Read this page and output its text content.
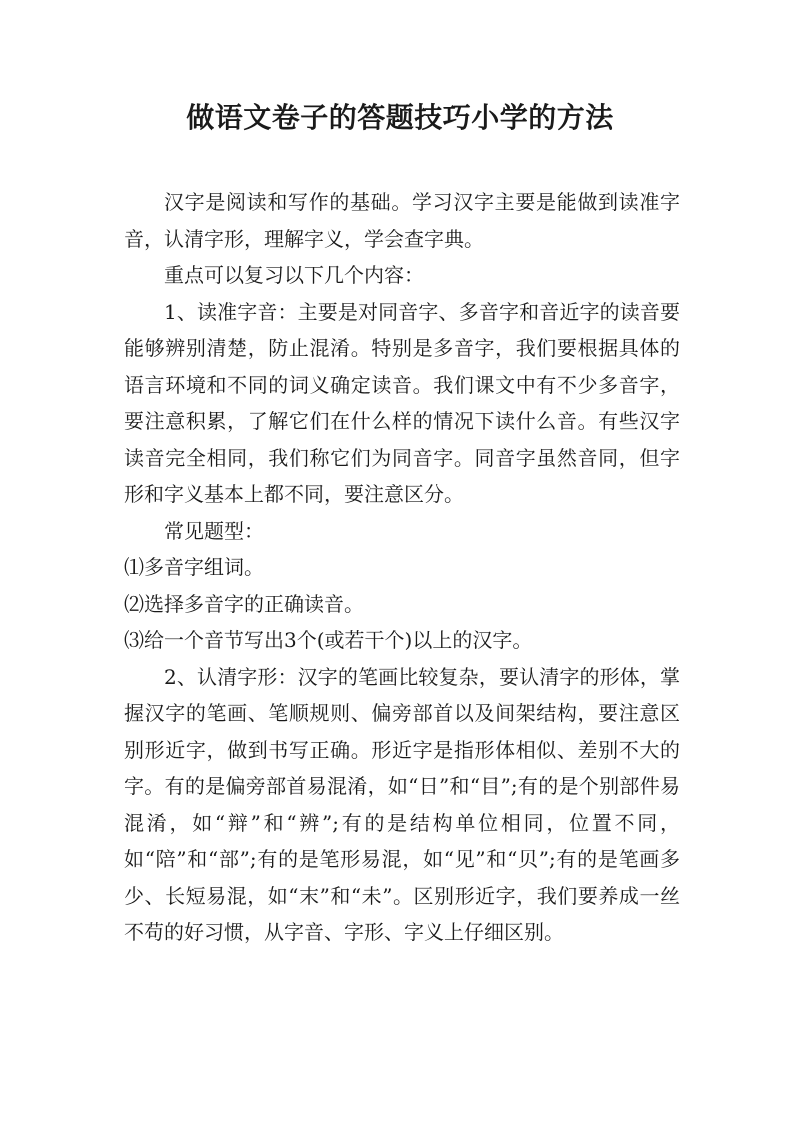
做语文卷子的答题技巧小学的方法

汉字是阅读和写作的基础。学习汉字主要是能做到读准字音，认清字形，理解字义，学会查字典。

重点可以复习以下几个内容：

1、读准字音：主要是对同音字、多音字和音近字的读音要能够辨别清楚，防止混淆。特别是多音字，我们要根据具体的语言环境和不同的词义确定读音。我们课文中有不少多音字，要注意积累，了解它们在什么样的情况下读什么音。有些汉字读音完全相同，我们称它们为同音字。同音字虽然音同，但字形和字义基本上都不同，要注意区分。

常见题型：

⑴多音字组词。

⑵选择多音字的正确读音。

⑶给一个音节写出3个(或若干个)以上的汉字。

2、认清字形：汉字的笔画比较复杂，要认清字的形体，掌握汉字的笔画、笔顺规则、偏旁部首以及间架结构，要注意区别形近字，做到书写正确。形近字是指形体相似、差别不大的字。有的是偏旁部首易混淆，如“日”和“目”;有的是个别部件易混淆，如“辩”和“辨”;有的是结构单位相同，位置不同，如“陪”和“部”;有的是笔形易混，如“见”和“贝”;有的是笔画多少、长短易混，如“末”和“未”。区别形近字，我们要养成一丝不苟的好习惯，从字音、字形、字义上仔细区别。
